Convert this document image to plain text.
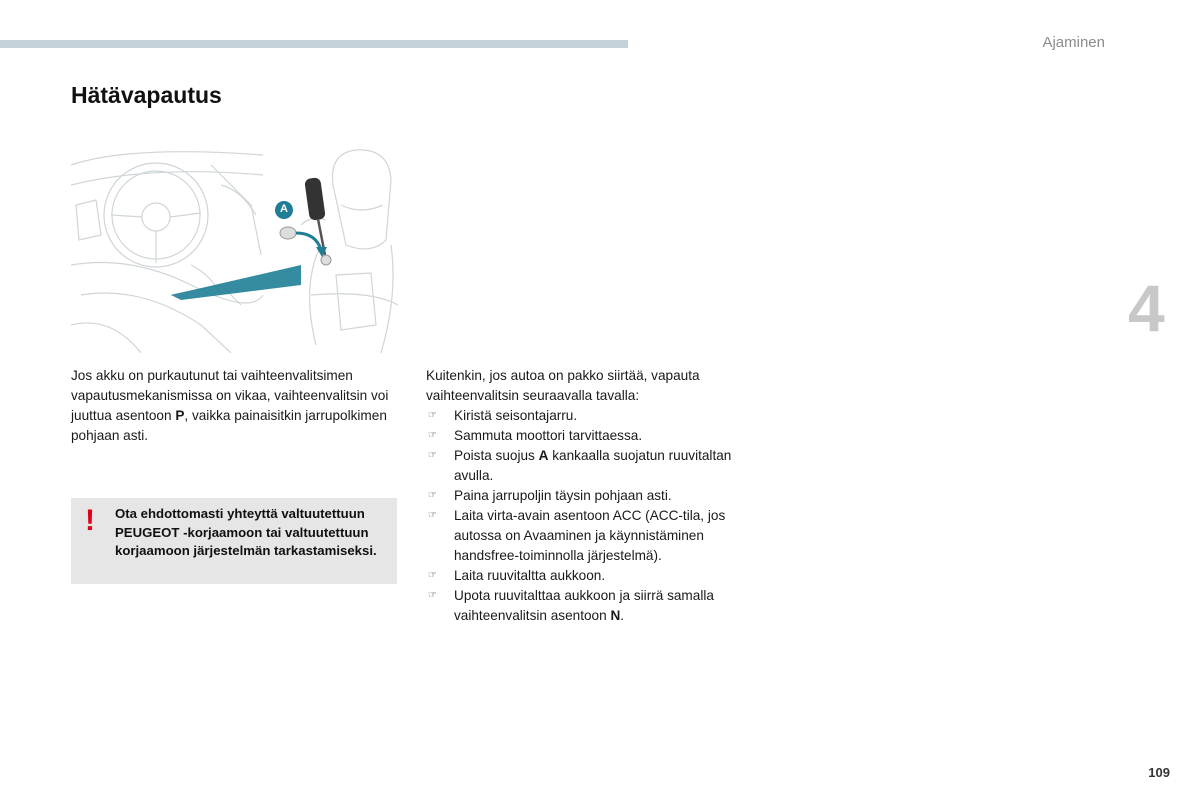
Ajaminen
Hätävapautus
4
A

Jos akku on purkautunut tai vaihteenvalitsimen vapautusmekanismissa on vikaa, vaihteenvalitsin voi juuttua asentoon P, vaikka painaisitkin jarrupolkimen pohjaan asti.

! Ota ehdottomasti yhteyttä valtuutettuun PEUGEOT -korjaamoon tai valtuutettuun korjaamoon järjestelmän tarkastamiseksi.

Kuitenkin, jos autoa on pakko siirtää, vapauta vaihteenvalitsin seuraavalla tavalla:

☞ Kiristä seisontajarru.
☞ Sammuta moottori tarvittaessa.
☞ Poista suojus A kankaalla suojatun ruuvitaltan avulla.
☞ Paina jarrupoljin täysin pohjaan asti.
☞ Laita virta-avain asentoon ACC (ACC-tila, jos autossa on Avaaminen ja käynnistäminen handsfree-toiminnolla järjestelmä).
☞ Laita ruuvitaltta aukkoon.
☞ Upota ruuvitalttaa aukkoon ja siirrä samalla vaihteenvalitsin asentoon N.
109
